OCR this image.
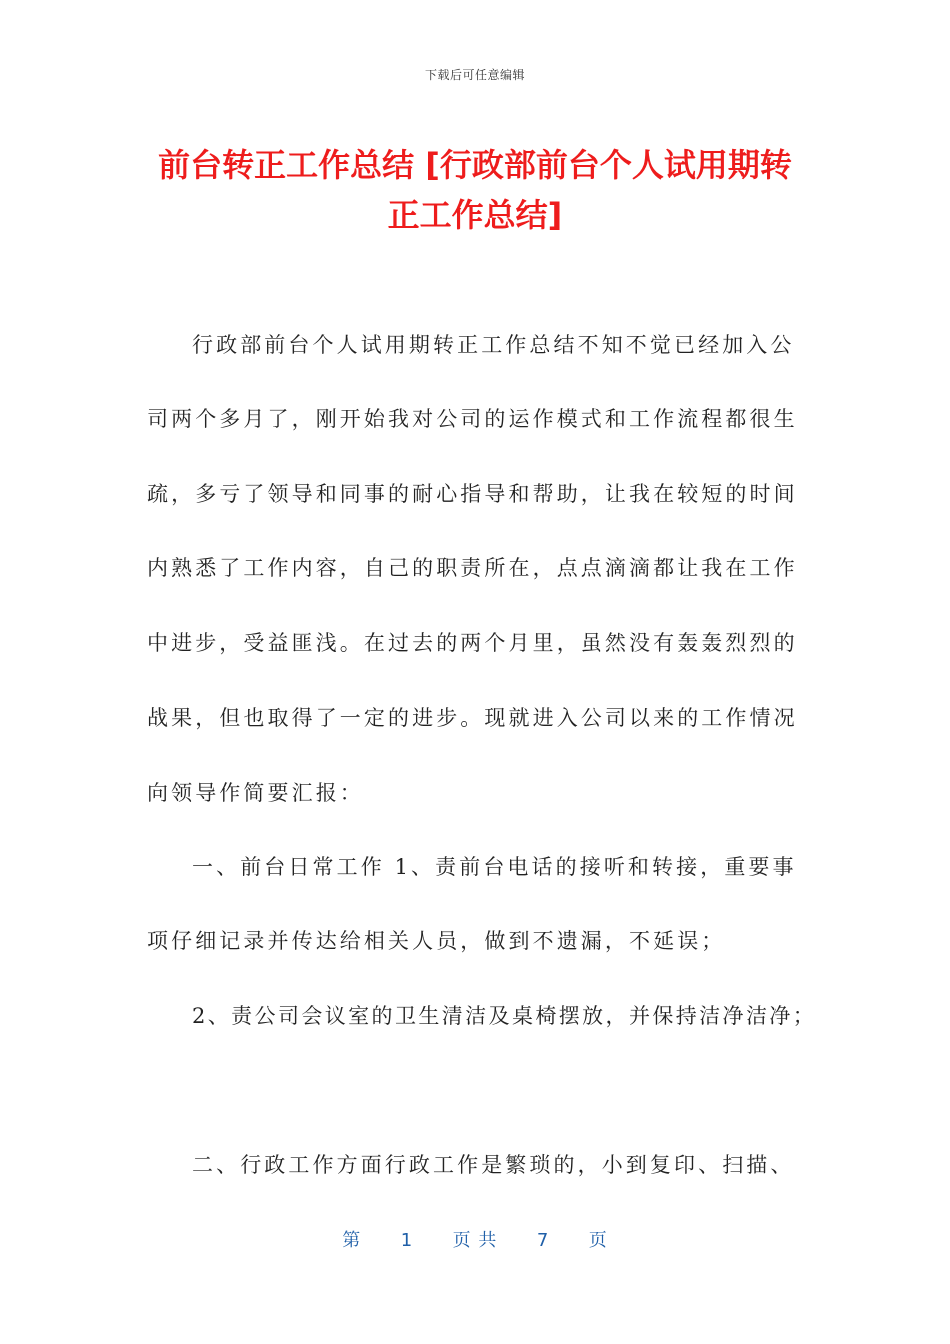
下载后可任意编辑
前台转正工作总结 [行政部前台个人试用期转
正工作总结]
行政部前台个人试用期转正工作总结不知不觉已经加入公
司两个多月了，刚开始我对公司的运作模式和工作流程都很生
疏，多亏了领导和同事的耐心指导和帮助，让我在较短的时间
内熟悉了工作内容，自己的职责所在，点点滴滴都让我在工作
中进步，受益匪浅。在过去的两个月里，虽然没有轰轰烈烈的
战果，但也取得了一定的进步。现就进入公司以来的工作情况
向领导作简要汇报：
一、前台日常工作 1、责前台电话的接听和转接，重要事
项仔细记录并传达给相关人员，做到不遗漏，不延误；
2、责公司会议室的卫生清洁及桌椅摆放，并保持洁净洁净；
二、行政工作方面行政工作是繁琐的，小到复印、扫描、
第 1 页 共 7 页
